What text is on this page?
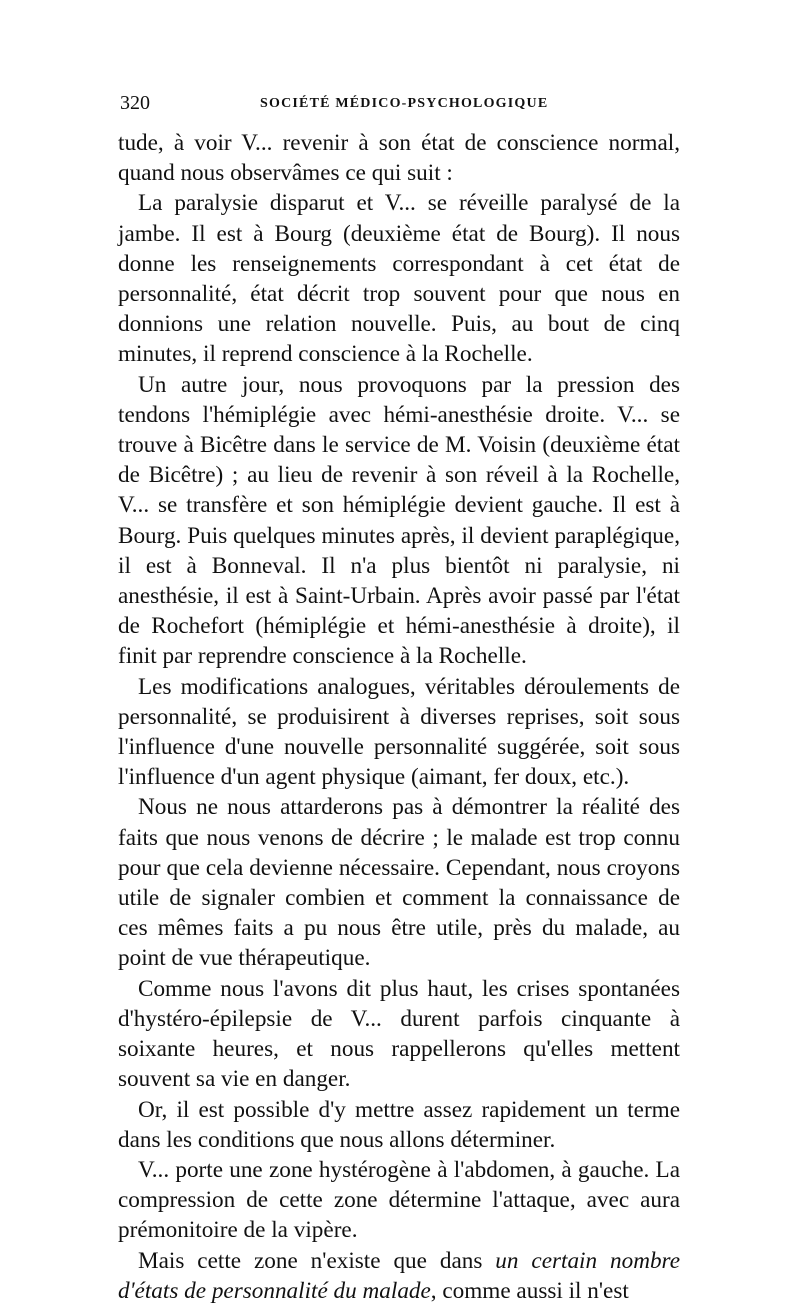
320	SOCIÉTÉ MÉDICO-PSYCHOLOGIQUE

tude, à voir V... revenir à son état de conscience normal, quand nous observâmes ce qui suit :

La paralysie disparut et V... se réveille paralysé de la jambe. Il est à Bourg (deuxième état de Bourg). Il nous donne les renseignements correspondant à cet état de personnalité, état décrit trop souvent pour que nous en donnions une relation nouvelle. Puis, au bout de cinq minutes, il reprend conscience à la Rochelle.

Un autre jour, nous provoquons par la pression des tendons l'hémiplégie avec hémi-anesthésie droite. V... se trouve à Bicêtre dans le service de M. Voisin (deuxième état de Bicêtre) ; au lieu de revenir à son réveil à la Rochelle, V... se transfère et son hémiplégie devient gauche. Il est à Bourg. Puis quelques minutes après, il devient paraplégique, il est à Bonneval. Il n'a plus bientôt ni paralysie, ni anesthésie, il est à Saint-Urbain. Après avoir passé par l'état de Rochefort (hémiplégie et hémi-anesthésie à droite), il finit par reprendre conscience à la Rochelle.

Les modifications analogues, véritables déroulements de personnalité, se produisirent à diverses reprises, soit sous l'influence d'une nouvelle personnalité suggérée, soit sous l'influence d'un agent physique (aimant, fer doux, etc.).

Nous ne nous attarderons pas à démontrer la réalité des faits que nous venons de décrire ; le malade est trop connu pour que cela devienne nécessaire. Cependant, nous croyons utile de signaler combien et comment la connaissance de ces mêmes faits a pu nous être utile, près du malade, au point de vue thérapeutique.

Comme nous l'avons dit plus haut, les crises spontanées d'hystéro-épilepsie de V... durent parfois cinquante à soixante heures, et nous rappellerons qu'elles mettent souvent sa vie en danger.

Or, il est possible d'y mettre assez rapidement un terme dans les conditions que nous allons déterminer.

V... porte une zone hystérogène à l'abdomen, à gauche. La compression de cette zone détermine l'attaque, avec aura prémonitoire de la vipère.

Mais cette zone n'existe que dans un certain nombre d'états de personnalité du malade, comme aussi il n'est
